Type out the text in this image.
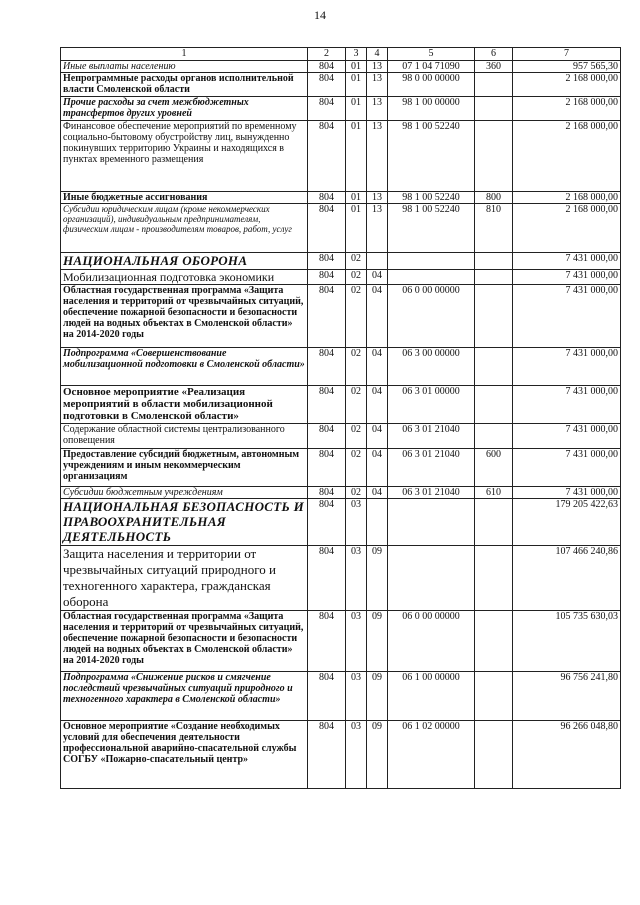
14
1	2	3	4	5	6	7
Иные выплаты населению	804	01	13	07 1 04 71090	360	957 565,30
Непрограммные расходы органов исполнительной власти Смоленской области	804	01	13	98 0 00 00000		2 168 000,00
Прочие расходы за счет межбюджетных трансфертов других уровней	804	01	13	98 1 00 00000		2 168 000,00
Финансовое обеспечение мероприятий по временному социально-бытовому обустройству лиц, вынужденно покинувших территорию Украины и находящихся в пунктах временного размещения	804	01	13	98 1 00 52240		2 168 000,00
Иные бюджетные ассигнования	804	01	13	98 1 00 52240	800	2 168 000,00
Субсидии юридическим лицам (кроме некоммерческих организаций), индивидуальным предпринимателям, физическим лицам - производителям товаров, работ, услуг	804	01	13	98 1 00 52240	810	2 168 000,00
НАЦИОНАЛЬНАЯ ОБОРОНА	804	02				7 431 000,00
Мобилизационная подготовка экономики	804	02	04			7 431 000,00
Областная государственная программа «Защита населения и территорий от чрезвычайных ситуаций, обеспечение пожарной безопасности и безопасности людей на водных объектах в Смоленской области» на 2014-2020 годы	804	02	04	06 0 00 00000		7 431 000,00
Подпрограмма «Совершенствование мобилизационной подготовки в Смоленской области»	804	02	04	06 3 00 00000		7 431 000,00
Основное мероприятие «Реализация мероприятий в области мобилизационной подготовки в Смоленской области»	804	02	04	06 3 01 00000		7 431 000,00
Содержание областной системы централизованного оповещения	804	02	04	06 3 01 21040		7 431 000,00
Предоставление субсидий бюджетным, автономным учреждениям и иным некоммерческим организациям	804	02	04	06 3 01 21040	600	7 431 000,00
Субсидии бюджетным учреждениям	804	02	04	06 3 01 21040	610	7 431 000,00
НАЦИОНАЛЬНАЯ БЕЗОПАСНОСТЬ И ПРАВООХРАНИТЕЛЬНАЯ ДЕЯТЕЛЬНОСТЬ	804	03				179 205 422,63
Защита населения и территории от чрезвычайных ситуаций природного и техногенного характера, гражданская оборона	804	03	09			107 466 240,86
Областная государственная программа «Защита населения и территорий от чрезвычайных ситуаций, обеспечение пожарной безопасности и безопасности людей на водных объектах в Смоленской области» на 2014-2020 годы	804	03	09	06 0 00 00000		105 735 630,03
Подпрограмма «Снижение рисков и смягчение последствий чрезвычайных ситуаций природного и техногенного характера в Смоленской области»	804	03	09	06 1 00 00000		96 756 241,80
Основное мероприятие «Создание необходимых условий для обеспечения деятельности профессиональной аварийно-спасательной службы СОГБУ «Пожарно-спасательный центр»	804	03	09	06 1 02 00000		96 266 048,80
